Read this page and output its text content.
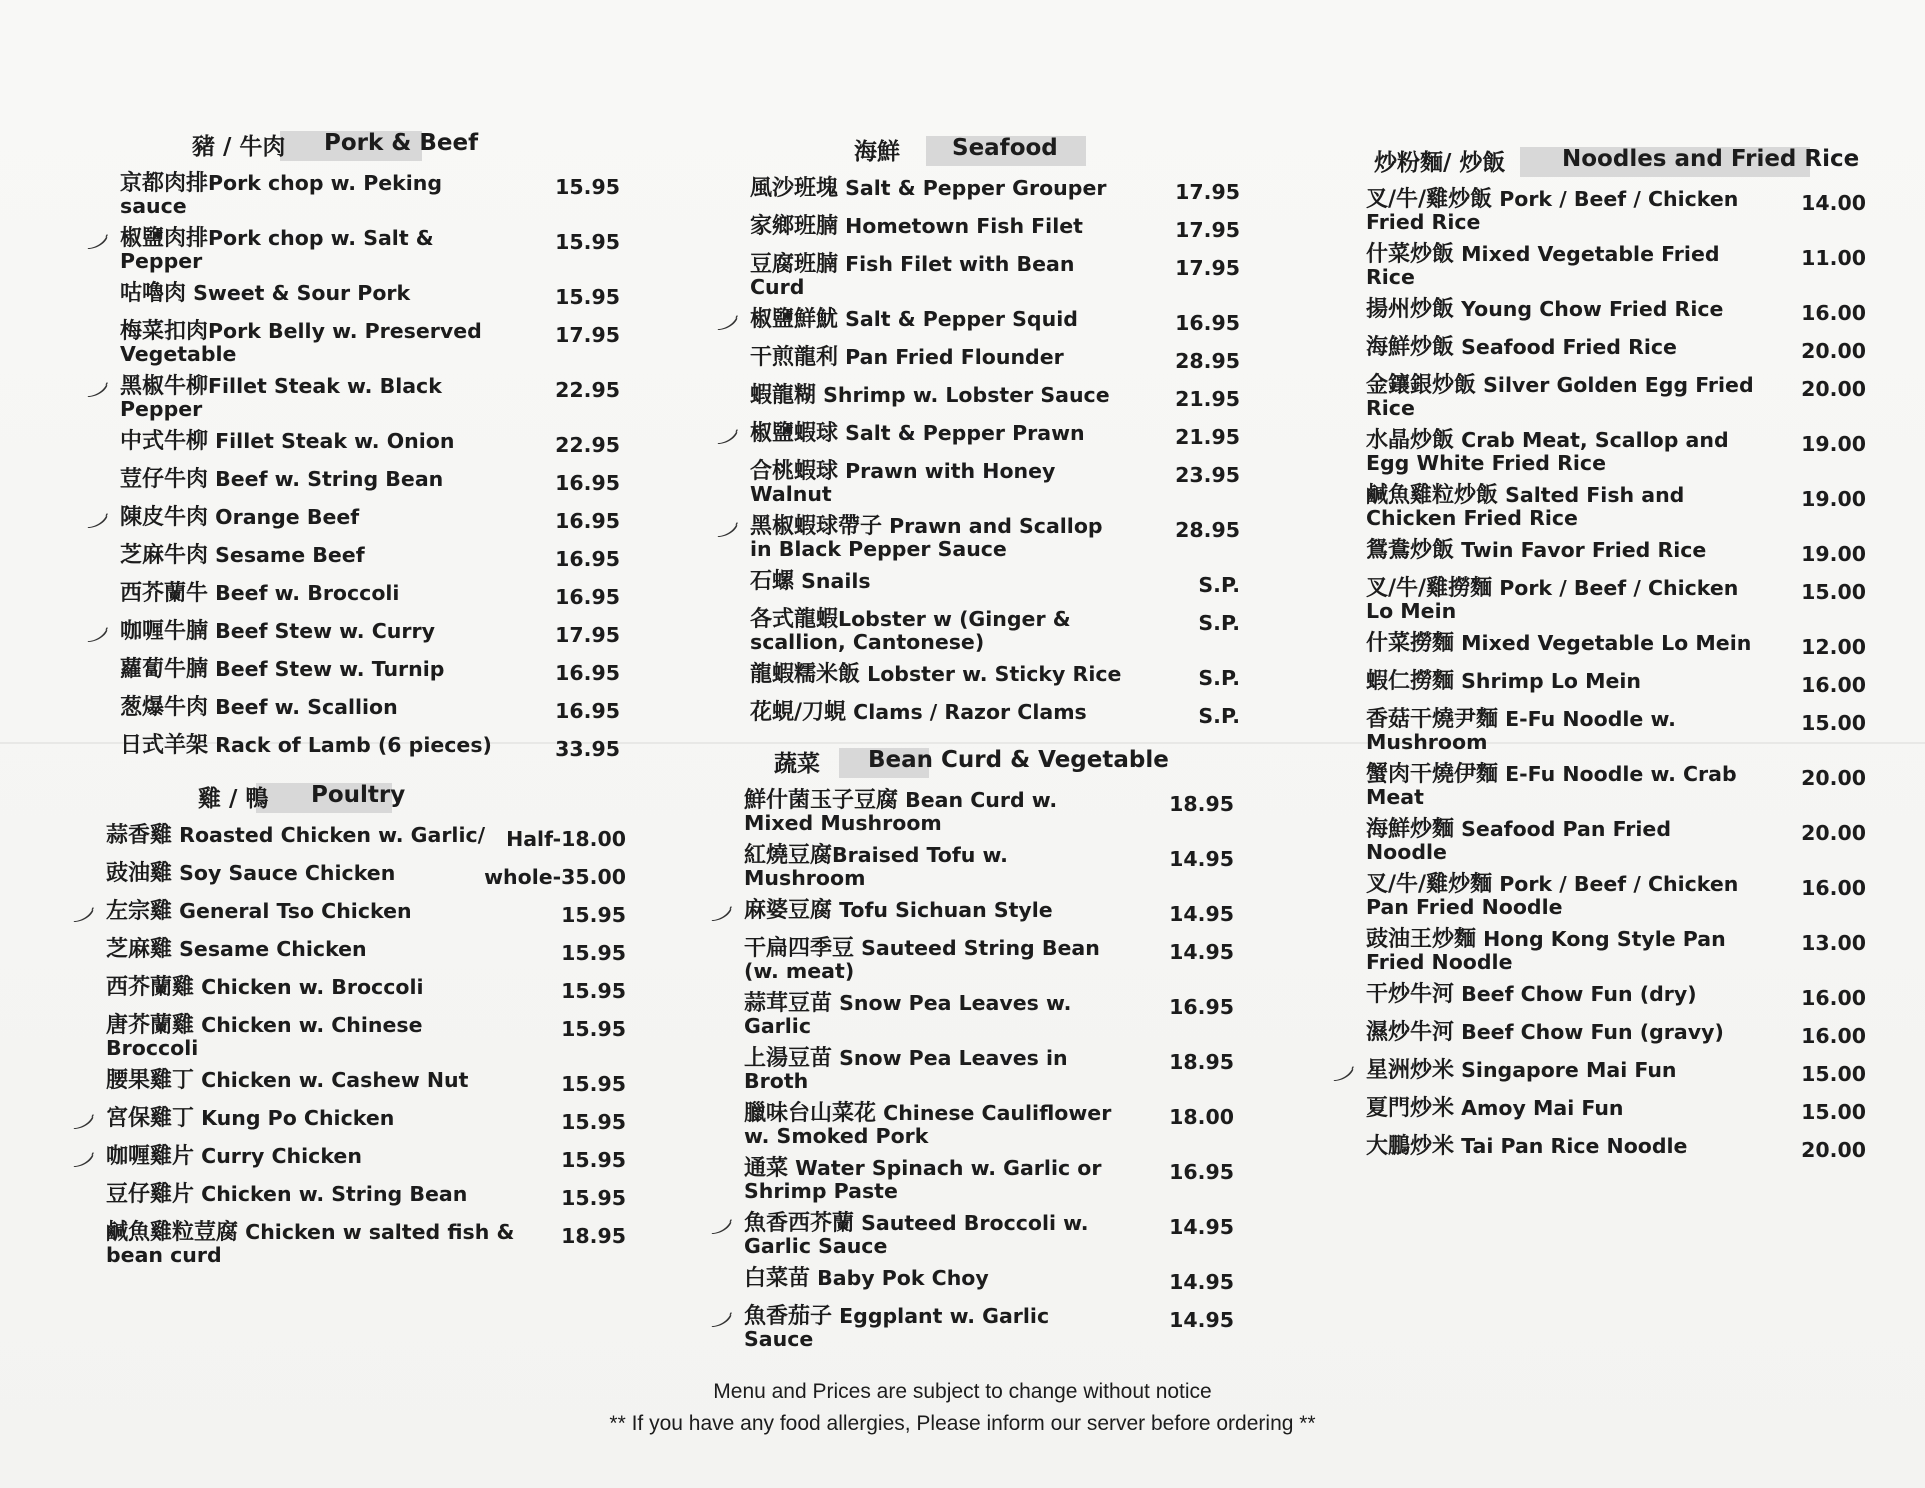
豬 / 牛肉 Pork & Beef
京都肉排Pork chop w. Peking sauce
15.95
椒鹽肉排Pork chop w. Salt & Pepper
15.95
咕嚕肉 Sweet & Sour Pork	15.95
梅菜扣肉Pork Belly w. Preserved Vegetable
17.95
黑椒牛柳Fillet Steak w. Black Pepper
22.95
中式牛柳 Fillet Steak w. Onion	22.95
荳仔牛肉 Beef w. String Bean	16.95
陳皮牛肉 Orange Beef	16.95
芝麻牛肉 Sesame Beef	16.95
西芥蘭牛 Beef w. Broccoli	16.95
咖喱牛腩 Beef Stew w. Curry	17.95
蘿蔔牛腩 Beef Stew w. Turnip	16.95
葱爆牛肉 Beef w. Scallion	16.95
日式羊架 Rack of Lamb (6 pieces)	33.95
雞 / 鴨 Poultry
蒜香雞 Roasted Chicken w. Garlic/	Half-18.00
豉油雞 Soy Sauce Chicken	whole-35.00
左宗雞 General Tso Chicken	15.95
芝麻雞 Sesame Chicken	15.95
西芥蘭雞 Chicken w. Broccoli	15.95
唐芥蘭雞 Chicken w. Chinese Broccoli
15.95
腰果雞丁 Chicken w. Cashew Nut	15.95
宮保雞丁 Kung Po Chicken	15.95
咖喱雞片 Curry Chicken	15.95
豆仔雞片 Chicken w. String Bean	15.95
鹹魚雞粒荳腐 Chicken w salted fish & bean curd
18.95
海鮮 Seafood
風沙班塊 Salt & Pepper Grouper	17.95
家鄉班腩 Hometown Fish Filet	17.95
豆腐班腩 Fish Filet with Bean Curd
17.95
椒鹽鮮魷 Salt & Pepper Squid	16.95
干煎龍利 Pan Fried Flounder	28.95
蝦龍糊 Shrimp w. Lobster Sauce	21.95
椒鹽蝦球 Salt & Pepper Prawn	21.95
合桃蝦球 Prawn with Honey Walnut
23.95
黑椒蝦球帶子 Prawn and Scallop in Black Pepper Sauce
28.95
石螺 Snails	S.P.
各式龍蝦Lobster w (Ginger & scallion, Cantonese)
S.P.
龍蝦糯米飯 Lobster w. Sticky Rice	S.P.
花蜆/刀蜆 Clams / Razor Clams	S.P.
蔬菜 Bean Curd & Vegetable
鮮什菌玉子豆腐 Bean Curd w. Mixed Mushroom
18.95
紅燒豆腐Braised Tofu w. Mushroom
14.95
麻婆豆腐 Tofu Sichuan Style	14.95
干扁四季豆 Sauteed String Bean (w. meat)
14.95
蒜茸豆苗 Snow Pea Leaves w. Garlic
16.95
上湯豆苗 Snow Pea Leaves in Broth
18.95
臘味台山菜花 Chinese Cauliflower w. Smoked Pork
18.00
通菜 Water Spinach w. Garlic or Shrimp Paste
16.95
魚香西芥蘭 Sauteed Broccoli w. Garlic Sauce
14.95
白菜苗 Baby Pok Choy	14.95
魚香茄子 Eggplant w. Garlic Sauce
14.95
炒粉麵/ 炒飯 Noodles and Fried Rice
叉/牛/雞炒飯 Pork / Beef / Chicken Fried Rice
14.00
什菜炒飯 Mixed Vegetable Fried Rice
11.00
揚州炒飯 Young Chow Fried Rice	16.00
海鮮炒飯 Seafood Fried Rice	20.00
金鑲銀炒飯 Silver Golden Egg Fried Rice
20.00
水晶炒飯 Crab Meat, Scallop and Egg White Fried Rice
19.00
鹹魚雞粒炒飯 Salted Fish and Chicken Fried Rice
19.00
鴛鴦炒飯 Twin Favor Fried Rice	19.00
叉/牛/雞撈麵 Pork / Beef / Chicken Lo Mein
15.00
什菜撈麵 Mixed Vegetable Lo Mein	12.00
蝦仁撈麵 Shrimp Lo Mein	16.00
香菇干燒尹麵 E-Fu Noodle w. Mushroom
15.00
蟹肉干燒伊麵 E-Fu Noodle w. Crab Meat
20.00
海鮮炒麵 Seafood Pan Fried Noodle
20.00
叉/牛/雞炒麵 Pork / Beef / Chicken Pan Fried Noodle
16.00
豉油王炒麵 Hong Kong Style Pan Fried Noodle
13.00
干炒牛河 Beef Chow Fun (dry)	16.00
濕炒牛河 Beef Chow Fun (gravy)	16.00
星洲炒米 Singapore Mai Fun	15.00
夏門炒米 Amoy Mai Fun	15.00
大鵬炒米 Tai Pan Rice Noodle	20.00
Menu and Prices are subject to change without notice
** If you have any food allergies, Please inform our server before ordering **
